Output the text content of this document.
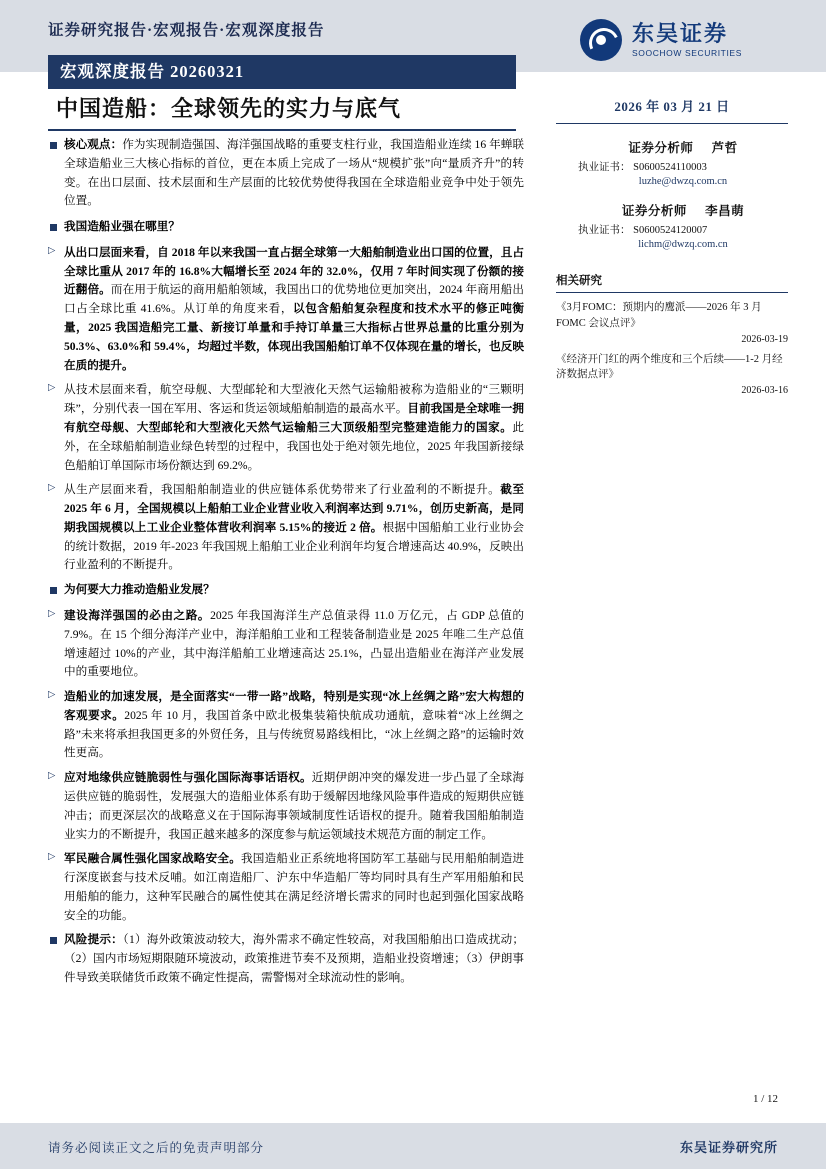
证券研究报告·宏观报告·宏观深度报告	东吴证券
SOOCHOW SECURITIES
宏观深度报告 20260321
中国造船：全球领先的实力与底气	2026 年 03 月 21 日
证券分析师 芦哲
执业证书： S0600524110003
luzhe@dwzq.com.cn
证券分析师 李昌萌
执业证书： S0600524120007
lichm@dwzq.com.cn
相关研究
《3月FOMC：预期内的鹰派——2026 年 3 月 FOMC 会议点评》
2026-03-19
《经济开门红的两个维度和三个后续——1-2 月经济数据点评》
2026-03-16
核心观点：作为实现制造强国、海洋强国战略的重要支柱行业，我国造船业连续 16 年蝉联全球造船业三大核心指标的首位，更在本质上完成了一场从“规模扩张”向“量质齐升”的转变。在出口层面、技术层面和生产层面的比较优势使得我国在全球造船业竞争中处于领先位置。
我国造船业强在哪里？
▷ 从出口层面来看，自 2018 年以来我国一直占据全球第一大船舶制造业出口国的位置，且占全球比重从 2017 年的 16.8%大幅增长至 2024 年的 32.0%，仅用 7 年时间实现了份额的接近翻倍。而在用于航运的商用船舶领域，我国出口的优势地位更加突出，2024 年商用船出口占全球比重 41.6%。从订单的角度来看，以包含船舶复杂程度和技术水平的修正吨衡量，2025 我国造船完工量、新接订单量和手持订单量三大指标占世界总量的比重分别为 50.3%、63.0%和 59.4%，均超过半数，体现出我国船舶订单不仅体现在量的增长，也反映在质的提升。
▷ 从技术层面来看，航空母舰、大型邮轮和大型液化天然气运输船被称为造船业的“三颗明珠”，分别代表一国在军用、客运和货运领域船舶制造的最高水平。目前我国是全球唯一拥有航空母舰、大型邮轮和大型液化天然气运输船三大顶级船型完整建造能力的国家。此外，在全球船舶制造业绿色转型的过程中，我国也处于绝对领先地位，2025 年我国新接绿色船舶订单国际市场份额达到 69.2%。
▷ 从生产层面来看，我国船舶制造业的供应链体系优势带来了行业盈利的不断提升。截至 2025 年 6 月，全国规模以上船舶工业企业营业收入利润率达到 9.71%，创历史新高，是同期我国规模以上工业企业整体营收利润率 5.15%的接近 2 倍。根据中国船舶工业行业协会的统计数据，2019 年-2023 年我国规上船舶工业企业利润年均复合增速高达 40.9%，反映出行业盈利的不断提升。
为何要大力推动造船业发展？
▷ 建设海洋强国的必由之路。2025 年我国海洋生产总值录得 11.0 万亿元，占 GDP 总值的 7.9%。在 15 个细分海洋产业中，海洋船舶工业和工程装备制造业是 2025 年唯二生产总值增速超过 10%的产业，其中海洋船舶工业增速高达 25.1%，凸显出造船业在海洋产业发展中的重要地位。
▷ 造船业的加速发展，是全面落实“一带一路”战略，特别是实现“冰上丝绸之路”宏大构想的客观要求。2025 年 10 月，我国首条中欧北极集装箱快航成功通航，意味着“冰上丝绸之路”未来将承担我国更多的外贸任务，且与传统贸易路线相比，“冰上丝绸之路”的运输时效性更高。
▷ 应对地缘供应链脆弱性与强化国际海事话语权。近期伊朗冲突的爆发进一步凸显了全球海运供应链的脆弱性，发展强大的造船业体系有助于缓解因地缘风险事件造成的短期供应链冲击；而更深层次的战略意义在于国际海事领域制度性话语权的提升。随着我国船舶制造业实力的不断提升，我国正越来越多的深度参与航运领域技术规范方面的制定工作。
▷ 军民融合属性强化国家战略安全。我国造船业正系统地将国防军工基础与民用船舶制造进行深度嵌套与技术反哺。如江南造船厂、沪东中华造船厂等均同时具有生产军用船舶和民用船舶的能力，这种军民融合的属性使其在满足经济增长需求的同时也起到强化国家战略安全的功能。
风险提示：（1）海外政策波动较大，海外需求不确定性较高，对我国船舶出口造成扰动；（2）国内市场短期限随环境波动，政策推进节奏不及预期，造船业投资增速；（3）伊朗事件导致美联储货币政策不确定性提高，需警惕对全球流动性的影响。
1 / 12
请务必阅读正文之后的免责声明部分	东吴证券研究所
